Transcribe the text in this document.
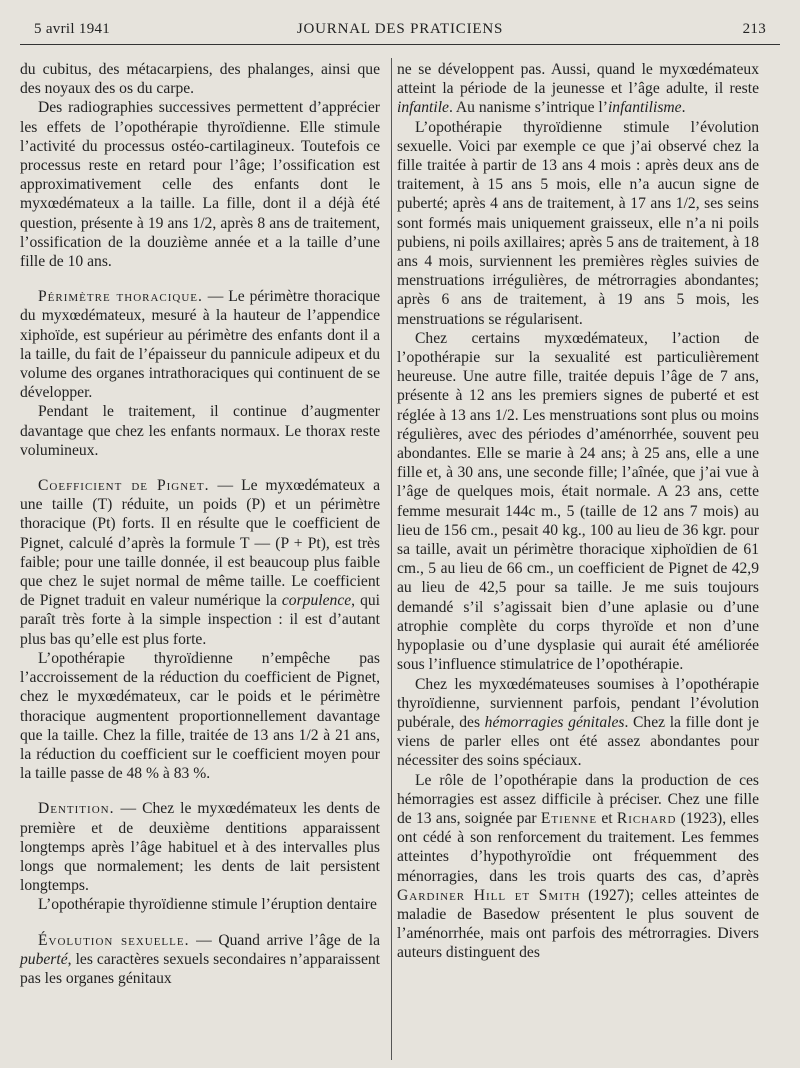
5 avril 1941	JOURNAL DES PRATICIENS	213

du cubitus, des métacarpiens, des phalanges, ainsi que des noyaux des os du carpe.

Des radiographies successives permettent d’apprécier les effets de l’opothérapie thyroïdienne. Elle stimule l’activité du processus ostéo-cartilagineux. Toutefois ce processus reste en retard pour l’âge; l’ossification est approximativement celle des enfants dont le myxœdémateux a la taille. La fille, dont il a déjà été question, présente à 19 ans 1/2, après 8 ans de traitement, l’ossification de la douzième année et a la taille d’une fille de 10 ans.

Périmètre thoracique. — Le périmètre thoracique du myxœdémateux, mesuré à la hauteur de l’appendice xiphoïde, est supérieur au périmètre des enfants dont il a la taille, du fait de l’épaisseur du pannicule adipeux et du volume des organes intrathoraciques qui continuent de se développer.

Pendant le traitement, il continue d’augmenter davantage que chez les enfants normaux. Le thorax reste volumineux.

Coefficient de Pignet. — Le myxœdémateux a une taille (T) réduite, un poids (P) et un périmètre thoracique (Pt) forts. Il en résulte que le coefficient de Pignet, calculé d’après la formule T — (P + Pt), est très faible; pour une taille donnée, il est beaucoup plus faible que chez le sujet normal de même taille. Le coefficient de Pignet traduit en valeur numérique la corpulence, qui paraît très forte à la simple inspection : il est d’autant plus bas qu’elle est plus forte.

L’opothérapie thyroïdienne n’empêche pas l’accroissement de la réduction du coefficient de Pignet, chez le myxœdémateux, car le poids et le périmètre thoracique augmentent proportionnellement davantage que la taille. Chez la fille, traitée de 13 ans 1/2 à 21 ans, la réduction du coefficient sur le coefficient moyen pour la taille passe de 48 % à 83 %.

Dentition. — Chez le myxœdémateux les dents de première et de deuxième dentitions apparaissent longtemps après l’âge habituel et à des intervalles plus longs que normalement; les dents de lait persistent longtemps.

L’opothérapie thyroïdienne stimule l’éruption dentaire

Évolution sexuelle. — Quand arrive l’âge de la puberté, les caractères sexuels secondaires n’apparaissent pas les organes génitaux

ne se développent pas. Aussi, quand le myxœdémateux atteint la période de la jeunesse et l’âge adulte, il reste infantile. Au nanisme s’intrique l’infantilisme.

L’opothérapie thyroïdienne stimule l’évolution sexuelle. Voici par exemple ce que j’ai observé chez la fille traitée à partir de 13 ans 4 mois : après deux ans de traitement, à 15 ans 5 mois, elle n’a aucun signe de puberté; après 4 ans de traitement, à 17 ans 1/2, ses seins sont formés mais uniquement graisseux, elle n’a ni poils pubiens, ni poils axillaires; après 5 ans de traitement, à 18 ans 4 mois, surviennent les premières règles suivies de menstruations irrégulières, de métrorragies abondantes; après 6 ans de traitement, à 19 ans 5 mois, les menstruations se régularisent.

Chez certains myxœdémateux, l’action de l’opothérapie sur la sexualité est particulièrement heureuse. Une autre fille, traitée depuis l’âge de 7 ans, présente à 12 ans les premiers signes de puberté et est réglée à 13 ans 1/2. Les menstruations sont plus ou moins régulières, avec des périodes d’aménorrhée, souvent peu abondantes. Elle se marie à 24 ans; à 25 ans, elle a une fille et, à 30 ans, une seconde fille; l’aînée, que j’ai vue à l’âge de quelques mois, était normale. A 23 ans, cette femme mesurait 144c m., 5 (taille de 12 ans 7 mois) au lieu de 156 cm., pesait 40 kg., 100 au lieu de 36 kgr. pour sa taille, avait un périmètre thoracique xiphoïdien de 61 cm., 5 au lieu de 66 cm., un coefficient de Pignet de 42,9 au lieu de 42,5 pour sa taille. Je me suis toujours demandé s’il s’agissait bien d’une aplasie ou d’une atrophie complète du corps thyroïde et non d’une hypoplasie ou d’une dysplasie qui aurait été améliorée sous l’influence stimulatrice de l’opothérapie.

Chez les myxœdémateuses soumises à l’opothérapie thyroïdienne, surviennent parfois, pendant l’évolution pubérale, des hémorragies génitales. Chez la fille dont je viens de parler elles ont été assez abondantes pour nécessiter des soins spéciaux.

Le rôle de l’opothérapie dans la production de ces hémorragies est assez difficile à préciser. Chez une fille de 13 ans, soignée par Etienne et Richard (1923), elles ont cédé à son renforcement du traitement. Les femmes atteintes d’hypothyroïdie ont fréquemment des ménorragies, dans les trois quarts des cas, d’après Gardiner Hill et Smith (1927); celles atteintes de maladie de Basedow présentent le plus souvent de l’aménorrhée, mais ont parfois des métrorragies. Divers auteurs distinguent des
